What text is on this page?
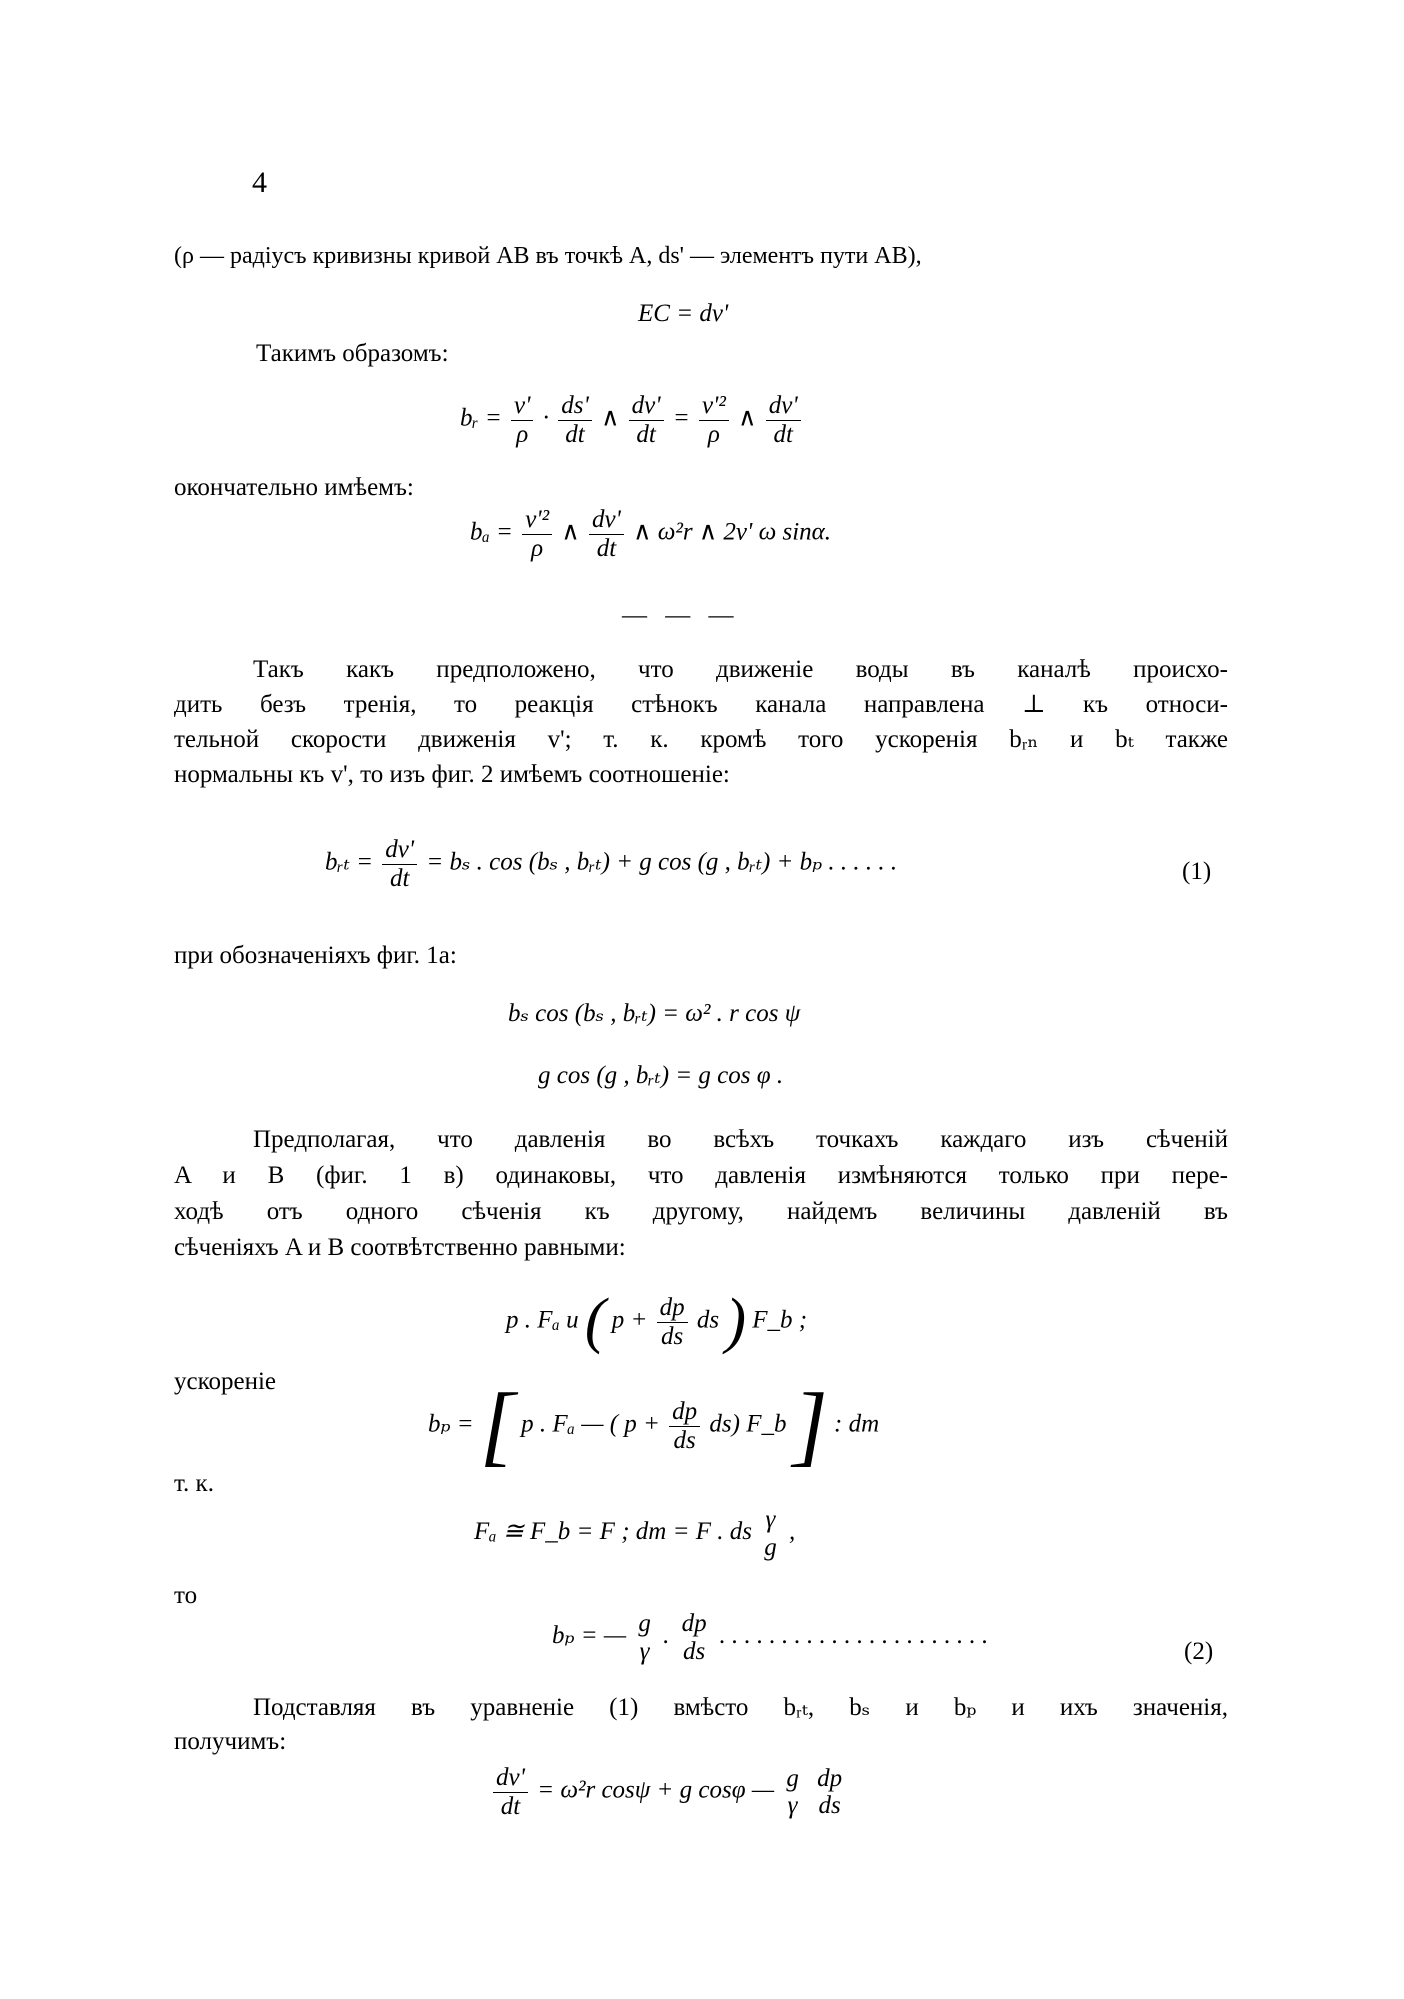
4
(ρ — радіусъ кривизны кривой AB въ точкѣ A, ds' — элементъ пути AB),
EC = dv'
Такимъ образомъ:
bᵣ = $\frac{v'}{\rho} \cdot \frac{ds'}{dt}$ ∧ $\frac{dv'}{dt} = \frac{\text{v'²}}{\rho}$ ∧ $\frac{dv'}{dt}$
окончательно имѣемъ:
$b_a = \frac{\text{v'²}}{\rho}$ ∧ $\frac{dv'}{dt}$ ∧ ω²r ∧ 2v' ω sinα.
— — —
Такъ какъ предположено, что движеніе воды въ каналѣ происхо-
дить безъ тренія, то реакція стѣнокъ канала направлена ⊥ къ относи-
тельной скорости движенія v'; т. к. кромѣ того ускоренія bᵣₙ и bₜ также
нормальны къ v', то изъ фиг. 2 имѣемъ соотношеніе:
bᵣₜ = $\frac{dv'}{dt} = b_s$ . cos (bₛ , bᵣₜ) + g cos (g , bᵣₜ) + bₚ . . . . . .	(1)
при обозначеніяхъ фиг. 1a:
bₛ cos (bₛ , bᵣₜ) = ω² . r cos ψ
g cos (g , bᵣₜ) = g cos φ .
Предполагая, что давленія во всѣхъ точкахъ каждаго изъ сѣченій
A и B (фиг. 1 в) одинаковы, что давленія измѣняются только при пере-
ходѣ отъ одного сѣченія къ другому, найдемъ величины давленій въ
сѣченіяхъ A и B соотвѣтственно равными:
p . Fₐ и ( $p + \frac{dp}{ds}$ ds ) F_b ;
ускореніе
bₚ = [ p . Fₐ — ( $p + \frac{dp}{ds} ds$) F_b ] : dm
т. к.
Fₐ ≅ F_b = F ; dm = F . ds γ
g
,
то
bₚ = — g
γ
. dp
ds
. . . . . . . . . . . . . . . . . . . . . .
(2)
Подставляя въ уравненіе (1) вмѣсто bᵣₜ, bₛ и bₚ и ихъ значенія,
получимъ:
$\frac{dv'}{dt} = \omega^2r$ cosψ + g cosφ — g
γ

dp
ds
